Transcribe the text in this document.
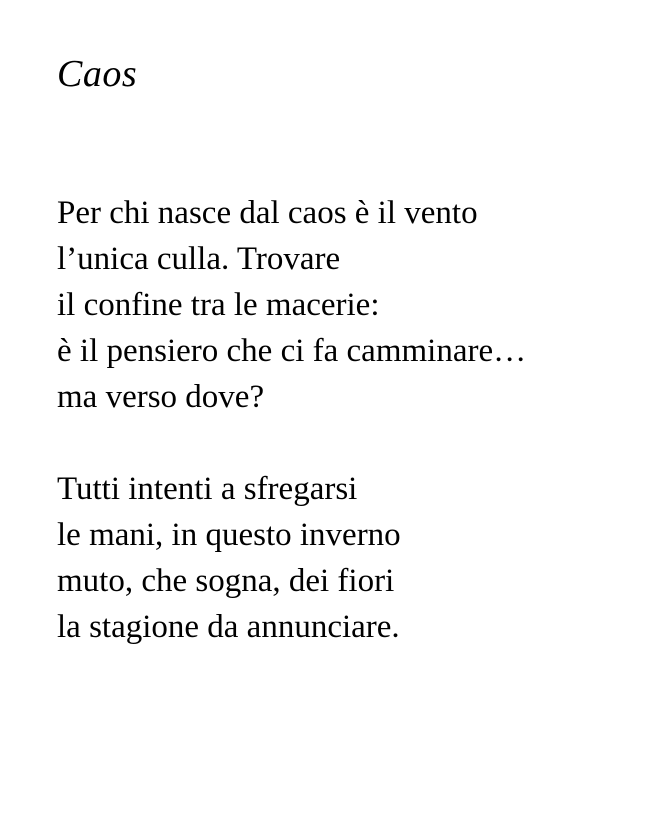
Caos
Per chi nasce dal caos è il vento
l’unica culla. Trovare
il confine tra le macerie:
è il pensiero che ci fa camminare…
ma verso dove?
Tutti intenti a sfregarsi
le mani, in questo inverno
muto, che sogna, dei fiori
la stagione da annunciare.
